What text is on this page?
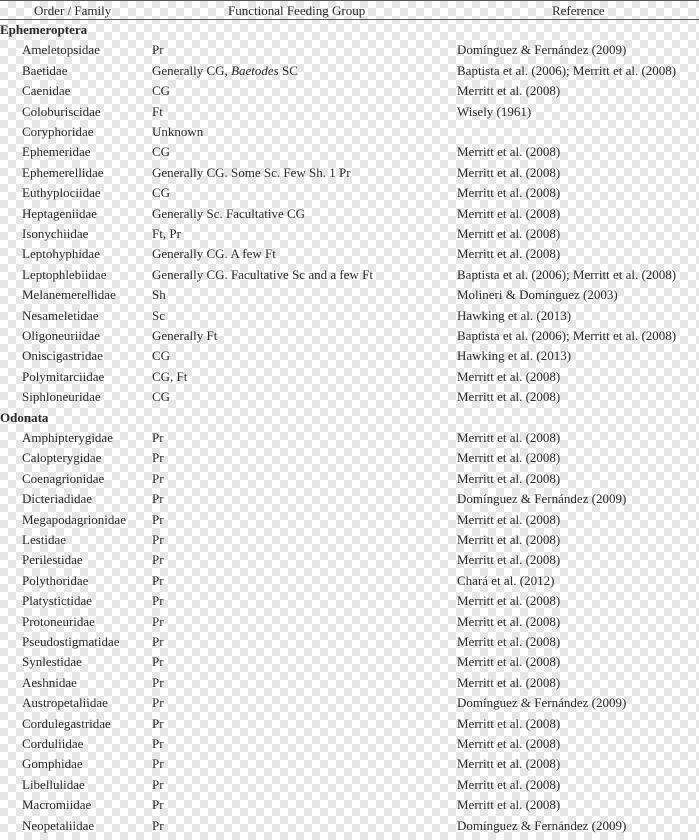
Order / Family	Functional Feeding Group	Reference
Ephemeroptera
Ameletopsidae	Pr	Domínguez & Fernández (2009)
Baetidae	Generally CG, Baetodes SC	Baptista et al. (2006); Merritt et al. (2008)
Caenidae	CG	Merritt et al. (2008)
Coloburiscidae	Ft	Wisely (1961)
Coryphoridae	Unknown
Ephemeridae	CG	Merritt et al. (2008)
Ephemerellidae	Generally CG. Some Sc. Few Sh. 1 Pr	Merritt et al. (2008)
Euthyplociidae	CG	Merritt et al. (2008)
Heptageniidae	Generally Sc. Facultative CG	Merritt et al. (2008)
Isonychiidae	Ft, Pr	Merritt et al. (2008)
Leptohyphidae	Generally CG. A few Ft	Merritt et al. (2008)
Leptophlebiidae	Generally CG. Facultative Sc and a few Ft	Baptista et al. (2006); Merritt et al. (2008)
Melanemerellidae	Sh	Molineri & Domínguez (2003)
Nesameletidae	Sc	Hawking et al. (2013)
Oligoneuriidae	Generally Ft	Baptista et al. (2006); Merritt et al. (2008)
Oniscigastridae	CG	Hawking et al. (2013)
Polymitarciidae	CG, Ft	Merritt et al. (2008)
Siphloneuridae	CG	Merritt et al. (2008)
Odonata
Amphipterygidae	Pr	Merritt et al. (2008)
Calopterygidae	Pr	Merritt et al. (2008)
Coenagrionidae	Pr	Merritt et al. (2008)
Dicteriadidae	Pr	Domínguez & Fernández (2009)
Megapodagrionidae Pr	Merritt et al. (2008)
Lestidae	Pr	Merritt et al. (2008)
Perilestidae	Pr	Merritt et al. (2008)
Polythoridae	Pr	Chará et al. (2012)
Platystictidae	Pr	Merritt et al. (2008)
Protoneuridae	Pr	Merritt et al. (2008)
Pseudostigmatidae	Pr	Merritt et al. (2008)
Synlestidae	Pr	Merritt et al. (2008)
Aeshnidae	Pr	Merritt et al. (2008)
Austropetaliidae	Pr	Domínguez & Fernández (2009)
Cordulegastridae	Pr	Merritt et al. (2008)
Corduliidae	Pr	Merritt et al. (2008)
Gomphidae	Pr	Merritt et al. (2008)
Libellulidae	Pr	Merritt et al. (2008)
Macromiidae	Pr	Merritt et al. (2008)
Neopetaliidae	Pr	Domínguez & Fernández (2009)
